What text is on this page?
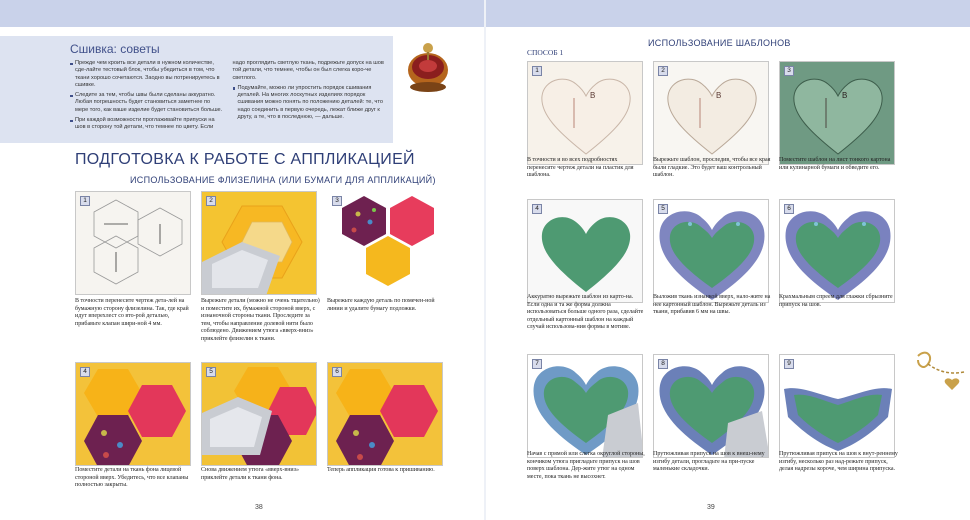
Сшивка: советы
Прежде чем кроить все детали в нужном количестве, сде-лайте тестовый блок, чтобы убедиться в том, что ткани хорошо сочетаются. Заодно вы потренируетесь в сшивке.
Следите за тем, чтобы швы были сделаны аккуратно. Любая погрешность будет становиться заметнее по мере того, как ваше изделие будет становиться больше.
При каждой возможности проглаживайте припуски на шов в сторону той детали, что темнее по цвету. Если
надо проглядить светлую ткань, подрежьте допуск на шов той детали, что темнее, чтобы он был слегка коро-че светлого.
Подумайте, можно ли упростить порядок сшивания деталей. На многих лоскутных изделиях порядок сшивания можно понять по положению деталей: те, что надо соединить в первую очередь, лежат ближе друг к другу, а те, что в последнюю, — дальше.
ПОДГОТОВКА К РАБОТЕ С АППЛИКАЦИЕЙ
ИСПОЛЬЗОВАНИЕ ФЛИЗЕЛИНА (ИЛИ БУМАГИ ДЛЯ АППЛИКАЦИЙ)
1
В точности перенесите чертеж дета-лей на бумажную сторону флизелина. Так, где край идут вперехлест со вто-рой деталью, прибавьте клапан шири-ной 4 мм.
2
Вырежьте детали (можно не очень тщательно) и поместите их, бумажной стороной вверх, с изнаночной стороны ткани. Проследите за тем, чтобы направление долевой нити было соблюдено. Движением утюга «вверх-вниз» приклейте флизелин к ткани.
3
Вырежьте каждую деталь по помечен-ной линии и удалите бумагу подложки.
4
Поместите детали на ткань фона лицевой стороной вверх. Убедитесь, что все клапаны полностью закрыты.
5
Снова движением утюга «вверх-вниз» приклейте детали к ткани фона.
6
Теперь аппликация готова к пришиванию.
38
ИСПОЛЬЗОВАНИЕ ШАБЛОНОВ
СПОСОБ 1
1
B
В точности и во всех подробностях перенесите чертеж детали на пластик для шаблона.
2
B
Вырежьте шаблон, проследив, чтобы все края были гладкие. Это будет ваш контрольный шаблон.
3
B
Поместите шаблон на лист тонкого картона или кулинарной бумаги и обведите его.
4
Аккуратно вырежьте шаблон из карто-на. Если одна и та же форма должна использоваться больше одного раза, сделайте отдельный картонный шаблон на каждый случай использова-ния формы в мотиве.
5
Выложив ткань изнанкой вверх, нало-жите на нее картонный шаблон. Вырежьте деталь из ткани, прибавив 6 мм на швы.
6
Крахмальным спреем для глажки сбрызните припуск на шов.
7
Начав с прямой или слегка округлой стороны, кончиком утюга пригладьте припуск на шов поверх шаблона. Дер-жите утюг на одном месте, пока ткань не высохнет.
8
Прутюжливая припуск на шов к внеш-нему изгибу детали, прогладьте на при-пуске маленькие складочки.
9
Прутюжливая припуск на шов к внут-реннему изгибу, несколько раз над-режьте припуск, делая надрезы короче, чем ширина припуска.
39
